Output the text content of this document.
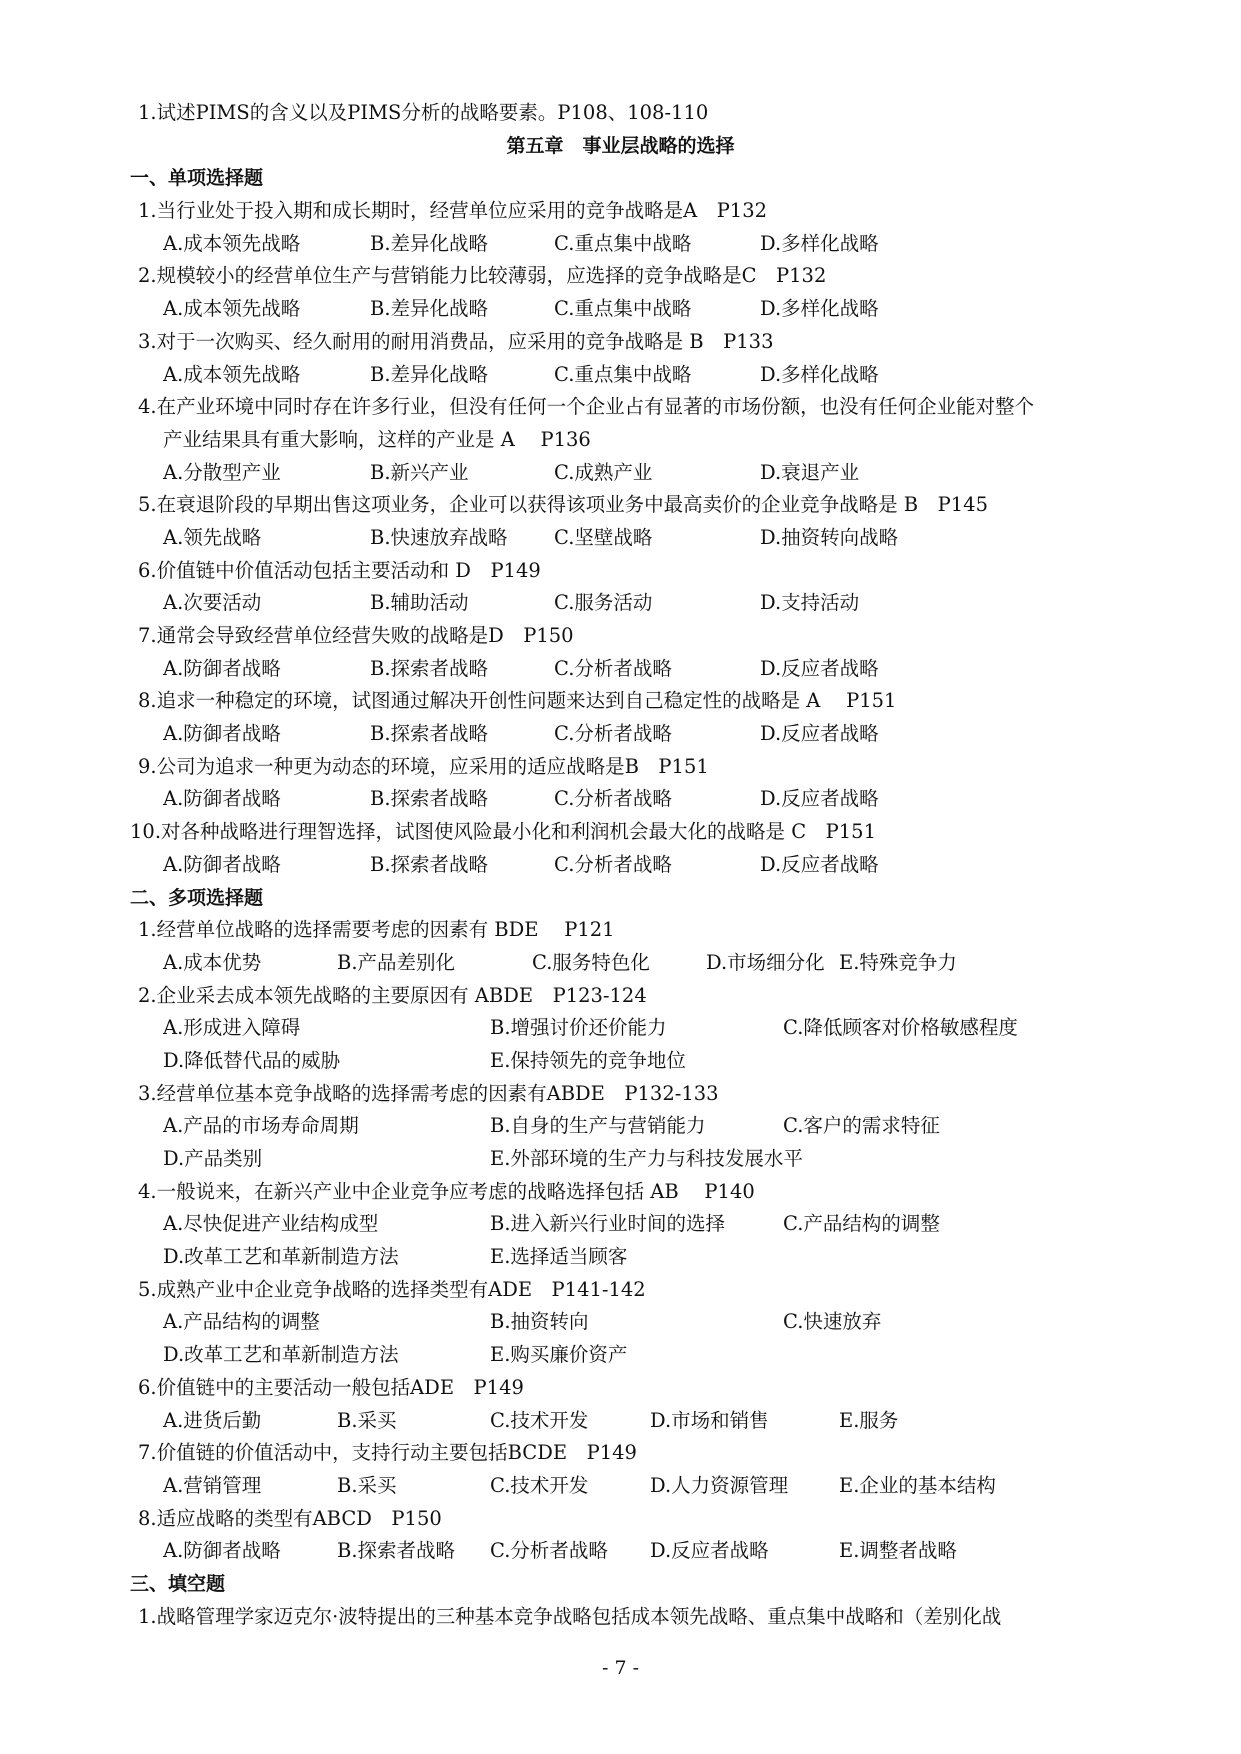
1.试述PIMS的含义以及PIMS分析的战略要素。P108、108-110
第五章　事业层战略的选择
一、单项选择题
1.当行业处于投入期和成长期时，经营单位应采用的竞争战略是A　P132
A.成本领先战略	B.差异化战略	C.重点集中战略	D.多样化战略
2.规模较小的经营单位生产与营销能力比较薄弱，应选择的竞争战略是C　P132
A.成本领先战略	B.差异化战略	C.重点集中战略	D.多样化战略
3.对于一次购买、经久耐用的耐用消费品，应采用的竞争战略是 B　P133
A.成本领先战略	B.差异化战略	C.重点集中战略	D.多样化战略
4.在产业环境中同时存在许多行业，但没有任何一个企业占有显著的市场份额，也没有任何企业能对整个
产业结果具有重大影响，这样的产业是 A　 P136
A.分散型产业	B.新兴产业	C.成熟产业	D.衰退产业
5.在衰退阶段的早期出售这项业务，企业可以获得该项业务中最高卖价的企业竞争战略是 B　P145
A.领先战略	B.快速放弃战略 C.坚壁战略	D.抽资转向战略
6.价值链中价值活动包括主要活动和 D　P149
A.次要活动	B.辅助活动	C.服务活动	D.支持活动
7.通常会导致经营单位经营失败的战略是D　P150
A.防御者战略	B.探索者战略	C.分析者战略	D.反应者战略
8.追求一种稳定的环境，试图通过解决开创性问题来达到自己稳定性的战略是 A　 P151
A.防御者战略	B.探索者战略	C.分析者战略	D.反应者战略
9.公司为追求一种更为动态的环境，应采用的适应战略是B　P151
A.防御者战略	B.探索者战略	C.分析者战略	D.反应者战略
10.对各种战略进行理智选择，试图使风险最小化和利润机会最大化的战略是 C　P151
A.防御者战略	B.探索者战略	C.分析者战略	D.反应者战略
二、多项选择题
1.经营单位战略的选择需要考虑的因素有 BDE　 P121
A.成本优势	B.产品差别化	C.服务特色化	D.市场细分化 E.特殊竞争力
2.企业采去成本领先战略的主要原因有 ABDE　P123-124
A.形成进入障碍	B.增强讨价还价能力	C.降低顾客对价格敏感程度
D.降低替代品的威胁	E.保持领先的竞争地位
3.经营单位基本竞争战略的选择需考虑的因素有ABDE　P132-133
A.产品的市场寿命周期	B.自身的生产与营销能力	C.客户的需求特征
D.产品类别	E.外部环境的生产力与科技发展水平
4.一般说来，在新兴产业中企业竞争应考虑的战略选择包括 AB　 P140
A.尽快促进产业结构成型	B.进入新兴行业时间的选择	C.产品结构的调整
D.改革工艺和革新制造方法	E.选择适当顾客
5.成熟产业中企业竞争战略的选择类型有ADE　P141-142
A.产品结构的调整	B.抽资转向	C.快速放弃
D.改革工艺和革新制造方法	E.购买廉价资产
6.价值链中的主要活动一般包括ADE　P149
A.进货后勤	B.采买	C.技术开发	D.市场和销售	E.服务
7.价值链的价值活动中，支持行动主要包括BCDE　P149
A.营销管理	B.采买	C.技术开发	D.人力资源管理	E.企业的基本结构
8.适应战略的类型有ABCD　P150
A.防御者战略	B.探索者战略 C.分析者战略 D.反应者战略	E.调整者战略
三、填空题
1.战略管理学家迈克尔·波特提出的三种基本竞争战略包括成本领先战略、重点集中战略和（差别化战
- 7 -
